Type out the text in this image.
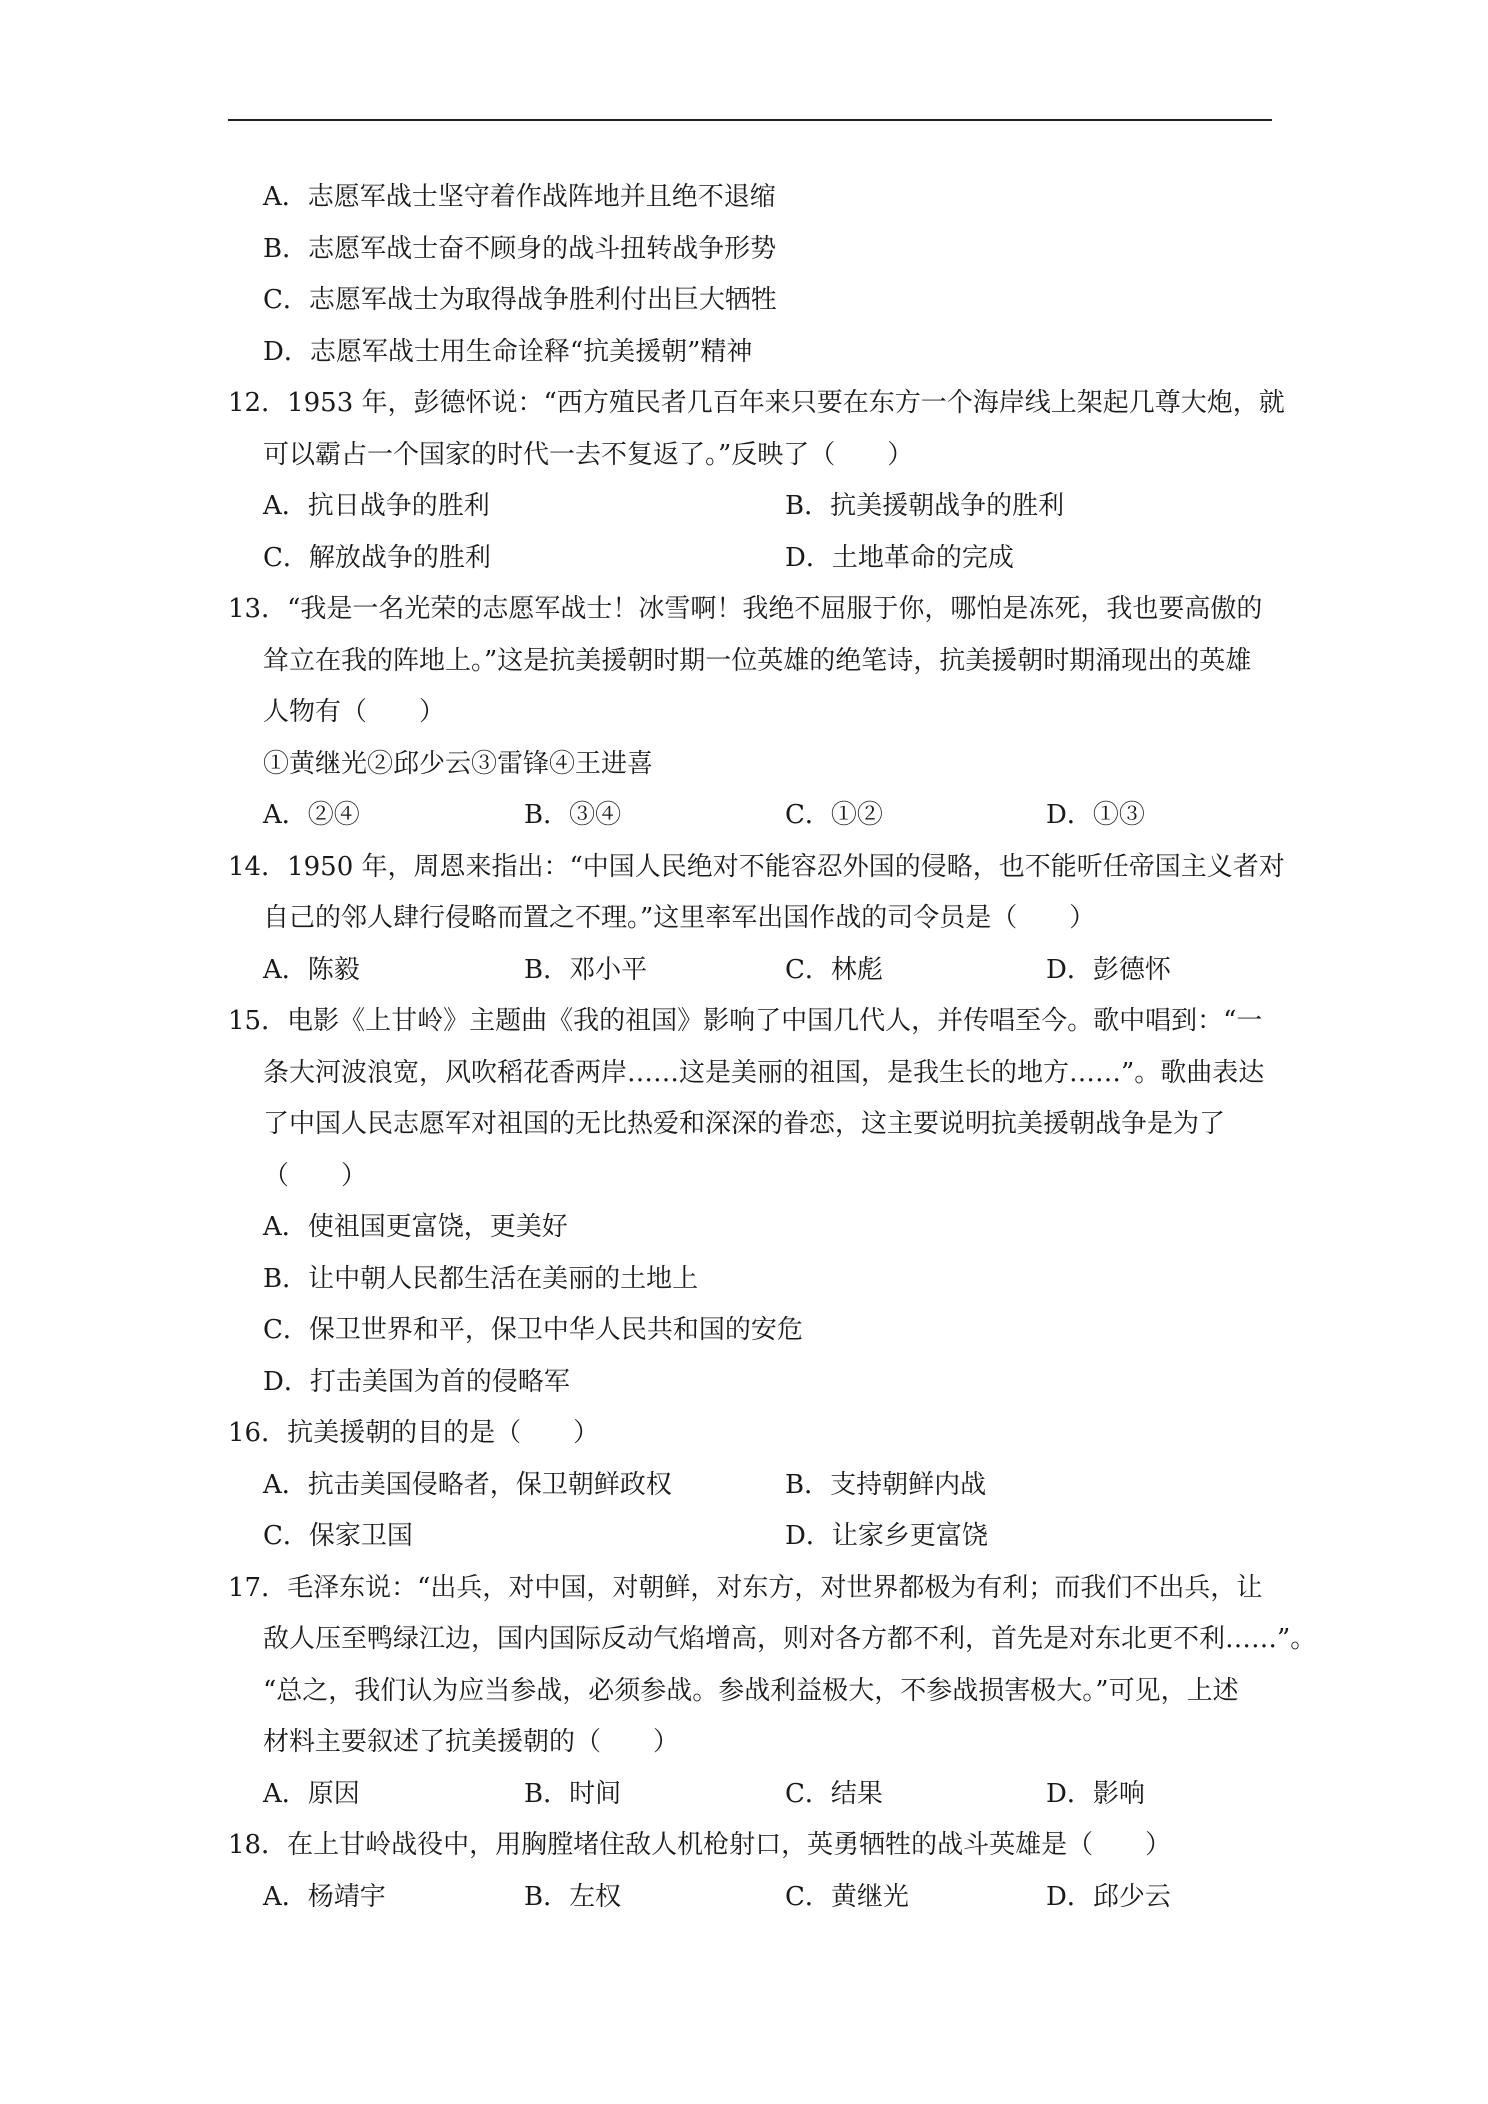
A．志愿军战士坚守着作战阵地并且绝不退缩
B．志愿军战士奋不顾身的战斗扭转战争形势
C．志愿军战士为取得战争胜利付出巨大牺牲
D．志愿军战士用生命诠释“抗美援朝”精神
12．1953 年，彭德怀说：“西方殖民者几百年来只要在东方一个海岸线上架起几尊大炮，就
可以霸占一个国家的时代一去不复返了。”反映了（　　）
A．抗日战争的胜利	B．抗美援朝战争的胜利
C．解放战争的胜利	D．土地革命的完成
13．“我是一名光荣的志愿军战士！冰雪啊！我绝不屈服于你，哪怕是冻死，我也要高傲的
耸立在我的阵地上。”这是抗美援朝时期一位英雄的绝笔诗，抗美援朝时期涌现出的英雄
人物有（　　）
①黄继光②邱少云③雷锋④王进喜
A．②④	B．③④	C．①②	D．①③
14．1950 年，周恩来指出：“中国人民绝对不能容忍外国的侵略，也不能听任帝国主义者对
自己的邻人肆行侵略而置之不理。”这里率军出国作战的司令员是（　　）
A．陈毅	B．邓小平	C．林彪	D．彭德怀
15．电影《上甘岭》主题曲《我的祖国》影响了中国几代人，并传唱至今。歌中唱到：“一
条大河波浪宽，风吹稻花香两岸……这是美丽的祖国，是我生长的地方……”。歌曲表达
了中国人民志愿军对祖国的无比热爱和深深的眷恋，这主要说明抗美援朝战争是为了
（　　）
A．使祖国更富饶，更美好
B．让中朝人民都生活在美丽的土地上
C．保卫世界和平，保卫中华人民共和国的安危
D．打击美国为首的侵略军
16．抗美援朝的目的是（　　）
A．抗击美国侵略者，保卫朝鲜政权	B．支持朝鲜内战
C．保家卫国	D．让家乡更富饶
17．毛泽东说：“出兵，对中国，对朝鲜，对东方，对世界都极为有利；而我们不出兵，让
敌人压至鸭绿江边，国内国际反动气焰增高，则对各方都不利，首先是对东北更不利……”。
“总之，我们认为应当参战，必须参战。参战利益极大，不参战损害极大。”可见，上述
材料主要叙述了抗美援朝的（　　）
A．原因	B．时间	C．结果	D．影响
18．在上甘岭战役中，用胸膛堵住敌人机枪射口，英勇牺牲的战斗英雄是（　　）
A．杨靖宇	B．左权	C．黄继光	D．邱少云
